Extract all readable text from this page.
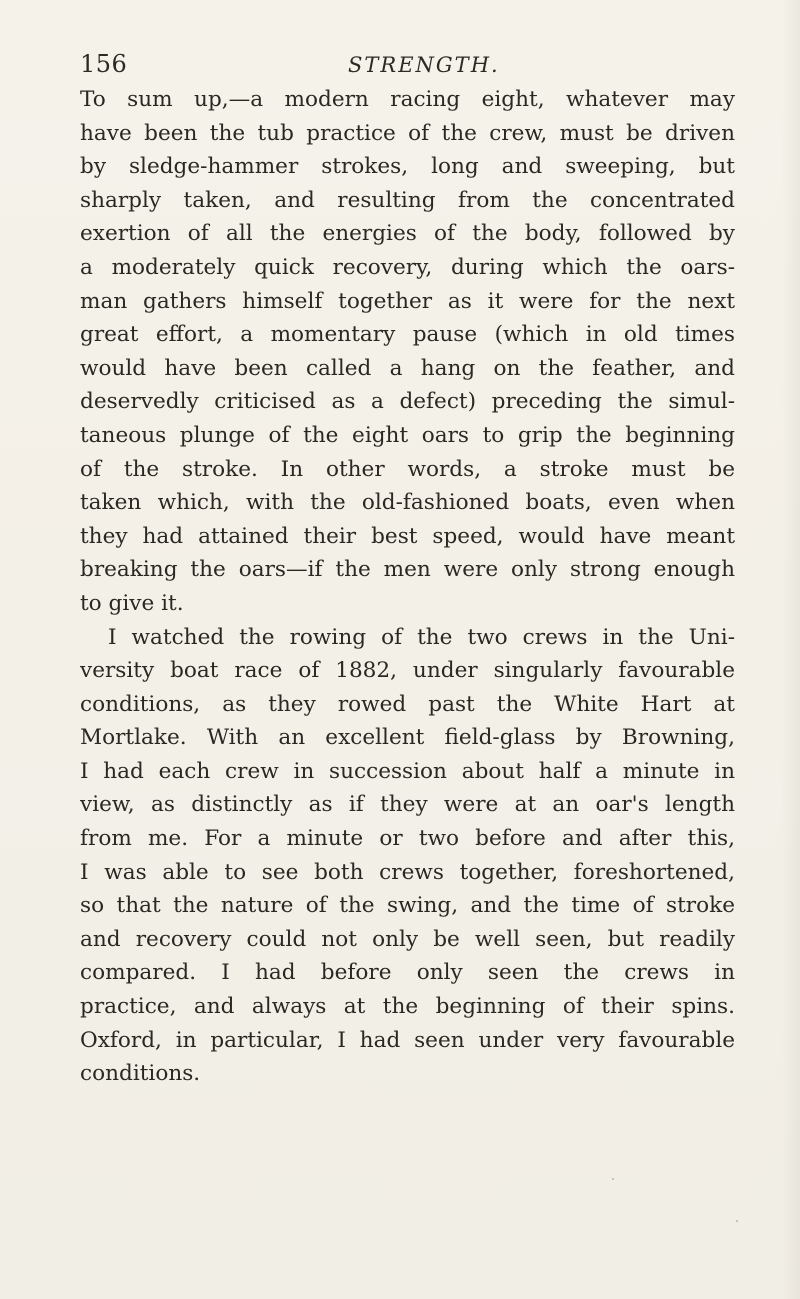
156	STRENGTH.
To sum up,—a modern racing eight, whatever may
have been the tub practice of the crew, must be driven
by sledge-hammer strokes, long and sweeping, but
sharply taken, and resulting from the concentrated
exertion of all the energies of the body, followed by
a moderately quick recovery, during which the oars-
man gathers himself together as it were for the next
great effort, a momentary pause (which in old times
would have been called a hang on the feather, and
deservedly criticised as a defect) preceding the simul-
taneous plunge of the eight oars to grip the beginning
of the stroke. In other words, a stroke must be
taken which, with the old-fashioned boats, even when
they had attained their best speed, would have meant
breaking the oars—if the men were only strong enough
to give it.
I watched the rowing of the two crews in the Uni-
versity boat race of 1882, under singularly favourable
conditions, as they rowed past the White Hart at
Mortlake. With an excellent field-glass by Browning,
I had each crew in succession about half a minute in
view, as distinctly as if they were at an oar's length
from me. For a minute or two before and after this,
I was able to see both crews together, foreshortened,
so that the nature of the swing, and the time of stroke
and recovery could not only be well seen, but readily
compared. I had before only seen the crews in
practice, and always at the beginning of their spins.
Oxford, in particular, I had seen under very favourable
conditions.
